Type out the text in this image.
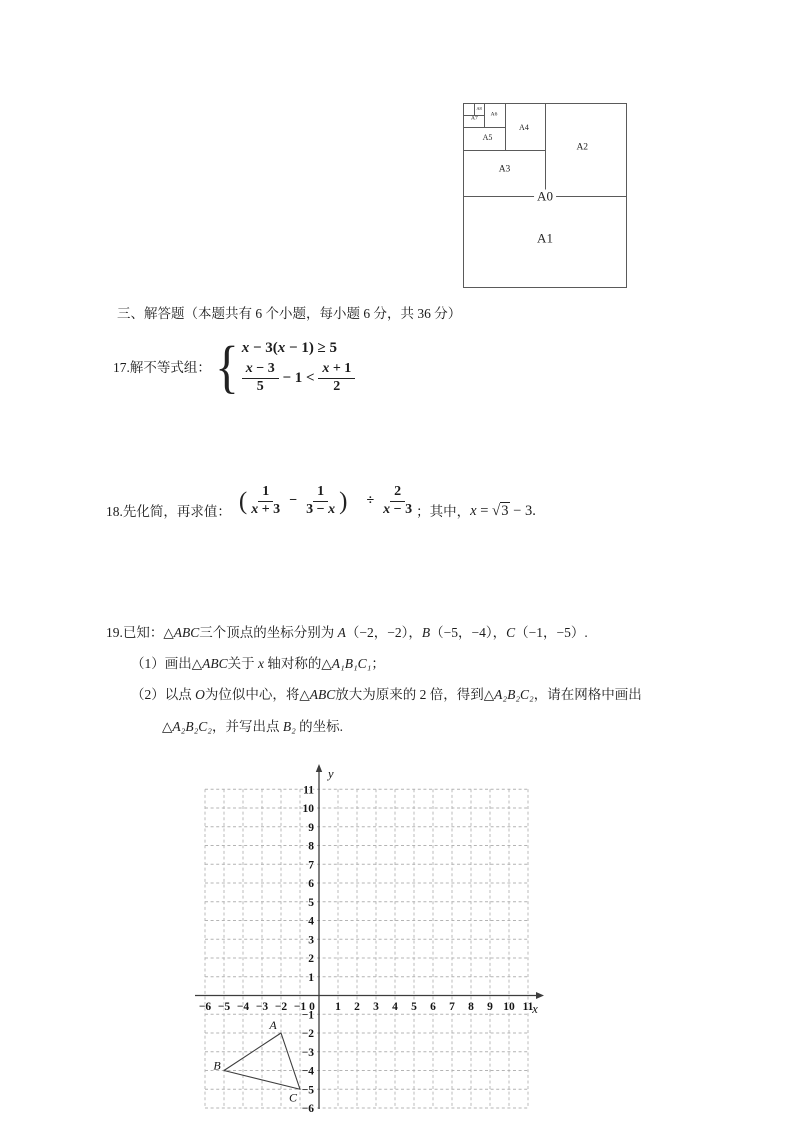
A0
A1
A2
A3
A4
A5
A6
A7
A8
三、解答题（本题共有 6 个小题，每小题 6 分，共 36 分）
17.解不等式组： { x − 3(x − 1) ≥ 5
$\frac{x - 3}{5} - 1 < \frac{x + 1}{2}$
18.先化简，再求值： ( $\frac{1}{x + 3} - \frac{1}{3 - x}$ ) ÷ $\frac{2}{x - 3}$ ；其中， x = √3 − 3.
19.已知：△ABC三个顶点的坐标分别为 A（−2，−2），B（−5，−4），C（−1，−5）.
（1）画出△ABC关于 x 轴对称的△A₁B₁C₁；
（2）以点 O为位似中心，将△ABC放大为原来的 2 倍，得到△A₂B₂C₂，请在网格中画出
△A₂B₂C₂，并写出点 B₂ 的坐标.
−6 −5 −4 −3 −2 −1 0 1 2 3 4 5 6 7 8 9 10 11
1
2
3
4
5
6
7
8
9
10
11
−1
−2
−3
−4
−5
−6
y
x
A
B
C
